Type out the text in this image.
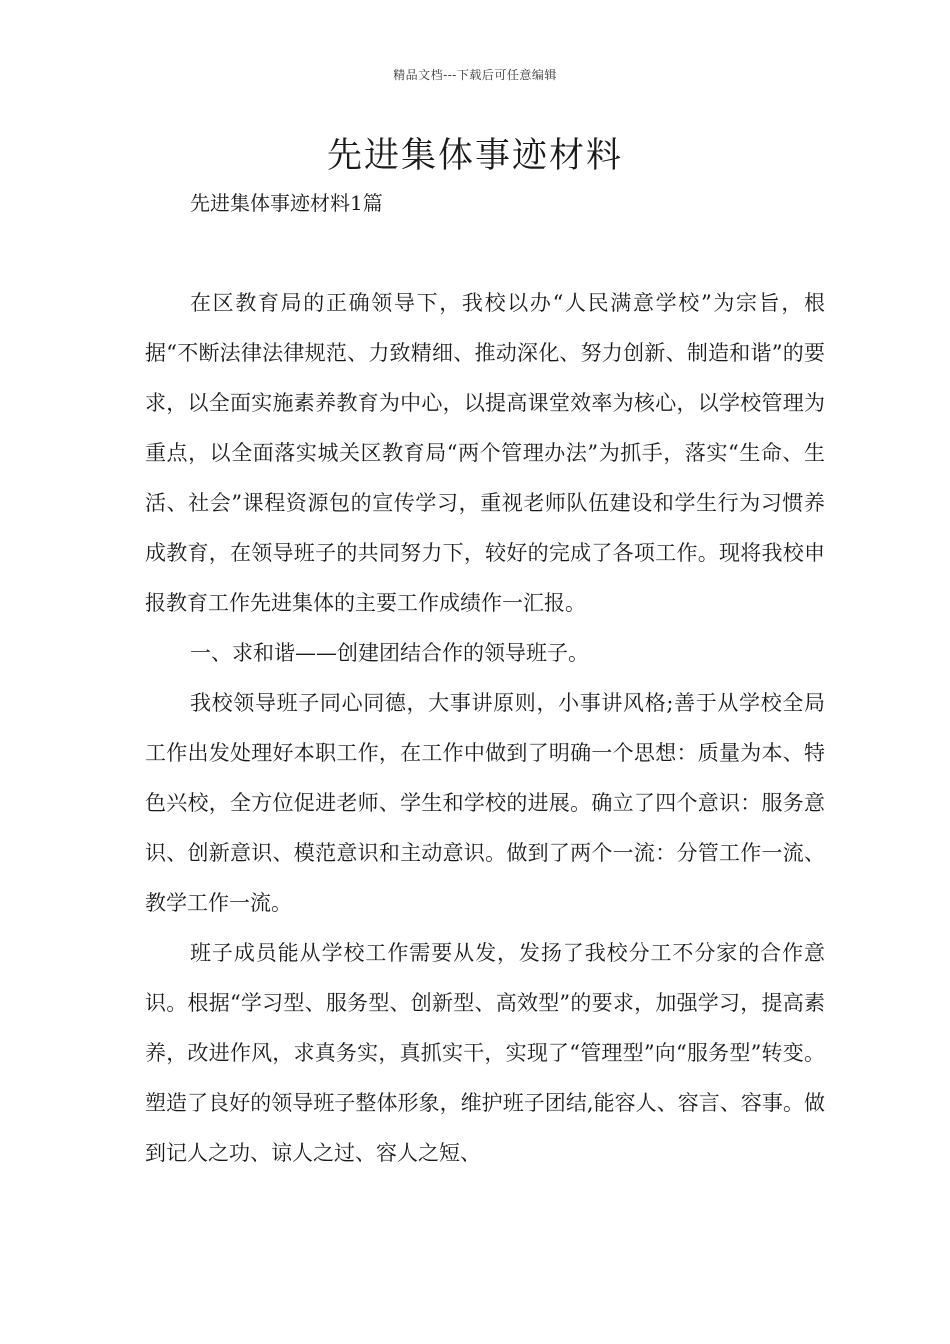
精品文档---下载后可任意编辑
先进集体事迹材料
先进集体事迹材料1篇

在区教育局的正确领导下，我校以办“人民满意学校”为宗旨，根据“不断法律法律规范、力致精细、推动深化、努力创新、制造和谐”的要求，以全面实施素养教育为中心，以提高课堂效率为核心，以学校管理为重点，以全面落实城关区教育局“两个管理办法”为抓手，落实“生命、生活、社会”课程资源包的宣传学习，重视老师队伍建设和学生行为习惯养成教育，在领导班子的共同努力下，较好的完成了各项工作。现将我校申报教育工作先进集体的主要工作成绩作一汇报。

一、求和谐——创建团结合作的领导班子。

我校领导班子同心同德，大事讲原则，小事讲风格;善于从学校全局工作出发处理好本职工作，在工作中做到了明确一个思想：质量为本、特色兴校，全方位促进老师、学生和学校的进展。确立了四个意识：服务意识、创新意识、模范意识和主动意识。做到了两个一流：分管工作一流、教学工作一流。

班子成员能从学校工作需要从发，发扬了我校分工不分家的合作意识。根据“学习型、服务型、创新型、高效型”的要求，加强学习，提高素养，改进作风，求真务实，真抓实干，实现了“管理型”向“服务型”转变。塑造了良好的领导班子整体形象，维护班子团结,能容人、容言、容事。做到记人之功、谅人之过、容人之短、
